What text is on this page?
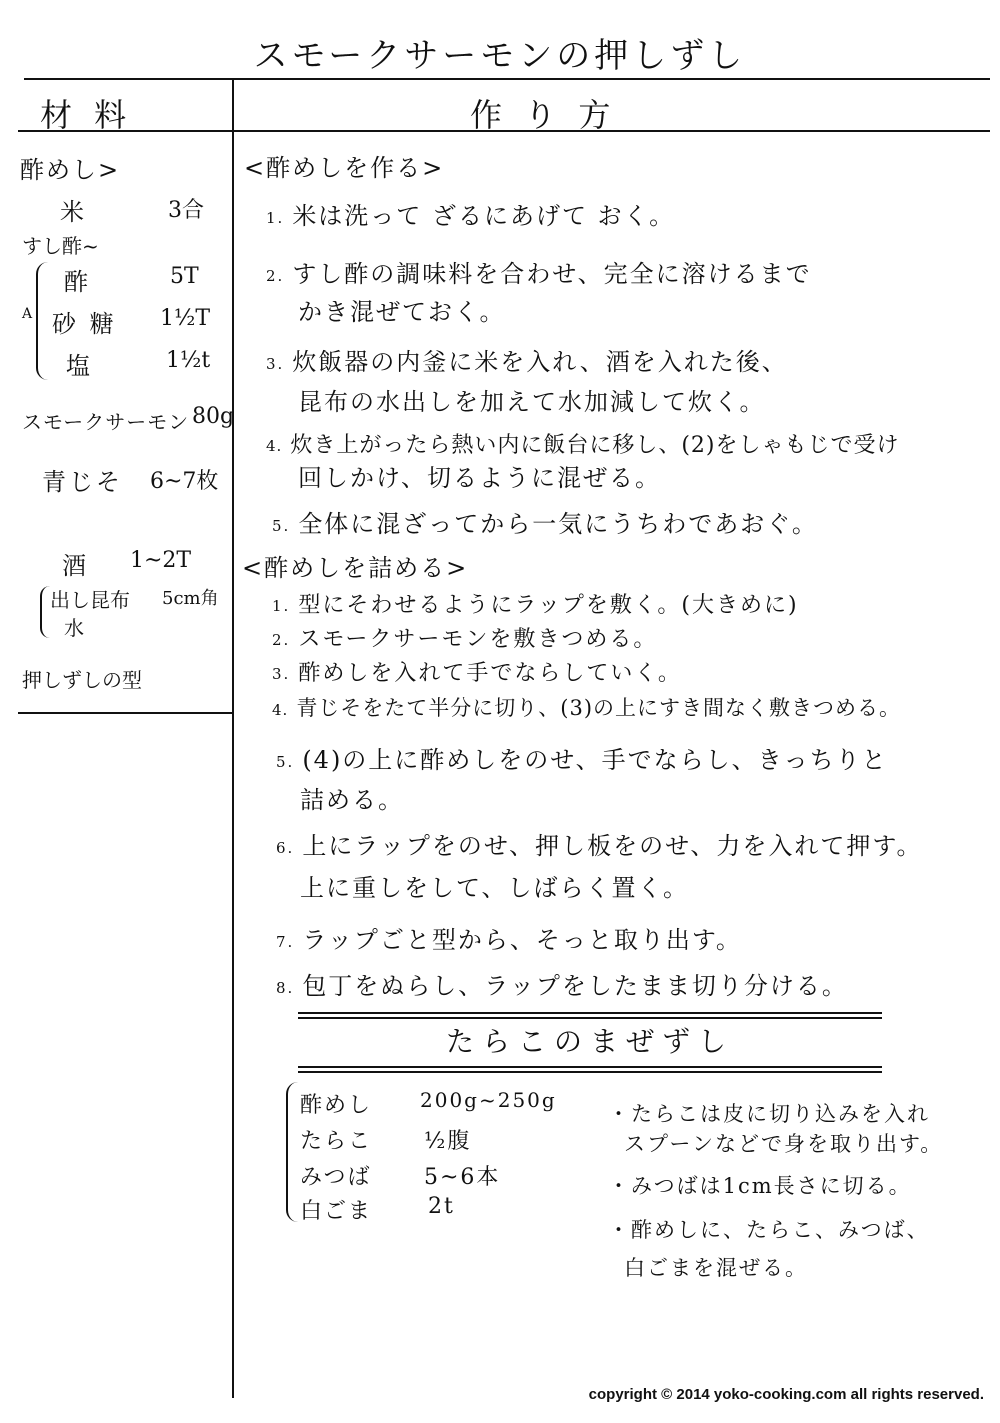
スモークサーモンの押しずし
材 料	作 り 方
酢めし>
米	3合
すし酢~
A
酢	5T
砂 糖 1½T
塩	1½t
スモークサーモン 80g
青じそ 6~7枚
酒 1~2T
出し昆布 5cm角
水
押しずしの型
<酢めしを作る>
1. 米は洗って ざるにあげて おく。
2. すし酢の調味料を合わせ、完全に溶けるまで
かき混ぜておく。
3. 炊飯器の内釜に米を入れ、酒を入れた後、
昆布の水出しを加えて水加減して炊く。
4. 炊き上がったら熱い内に飯台に移し、(2)をしゃもじで受け
回しかけ、切るように混ぜる。
5. 全体に混ざってから一気にうちわであおぐ。
<酢めしを詰める>
1. 型にそわせるようにラップを敷く。(大きめに)
2. スモークサーモンを敷きつめる。
3. 酢めしを入れて手でならしていく。
4. 青じそをたて半分に切り、(3)の上にすき間なく敷きつめる。
5. (4)の上に酢めしをのせ、手でならし、きっちりと
詰める。
6. 上にラップをのせ、押し板をのせ、力を入れて押す。
上に重しをして、しばらく置く。
7. ラップごと型から、そっと取り出す。
8. 包丁をぬらし、ラップをしたまま切り分ける。
たらこのまぜずし
酢めし 200g~250g
たらこ ½腹
みつば 5~6本
白ごま	2t
・たらこは皮に切り込みを入れ
スプーンなどで身を取り出す。
・みつばは1cm長さに切る。
・酢めしに、たらこ、みつば、
白ごまを混ぜる。
copyright © 2014 yoko-cooking.com all rights reserved.
